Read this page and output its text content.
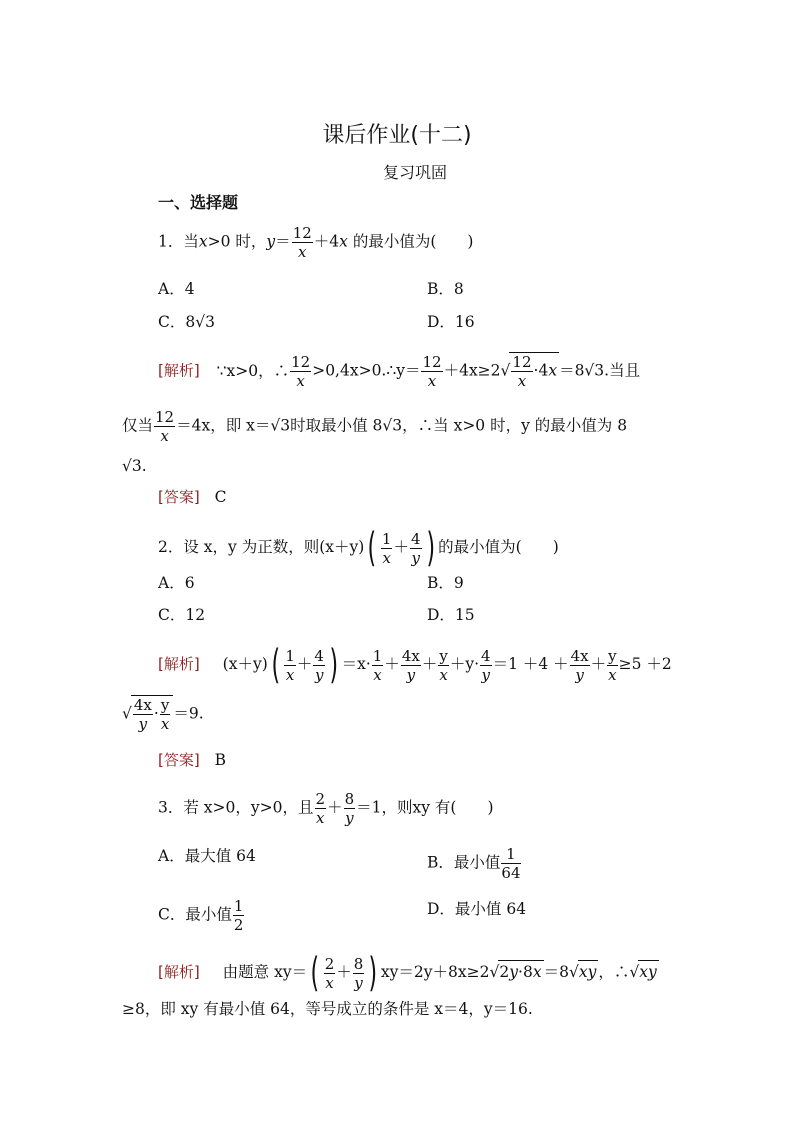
课后作业(十二)
复习巩固
一、选择题
1．当x>0 时，$y= \frac{12}{x} +4x$ 的最小值为(　　)
A．4	B．8
C．8√3	D．16
[解析] ∵x>0，∴ $\frac{12}{x}$ >0,4x>0.∴y＝ $\frac{12}{x} +4x\ge 2√ \frac{12}{x} \cdot 4x =8√3$.当且
仅当 $\frac{12}{x} =4x$，即 x＝√3时取最小值 8√3，∴当 x>0 时，y 的最小值为 8
√3.
[答案] C
2．设 x，y 为正数，则$(x+y)( \frac{1}{x} + \frac{4}{y}$ ) 的最小值为(　　)
A．6	B．9
C．12	D．15
[解析] $(x+y)( \frac{1}{x} + \frac{4}{y}$ ) $=x\cdot \frac{1}{x} + \frac{4x}{y} + \frac{y}{x} +y\cdot \frac{4}{y} =1 +4 + \frac{4x}{y} + \frac{y}{x} \ge 5 +2$
√ $\frac{4x}{y} \cdot \frac{y}{x} =9$.
[答案] B
3．若 x>0，y>0，且 $\frac{2}{x} + \frac{8}{y} =1$，则xy 有(　　)
A．最大值 64	B．最小值 $\frac{1}{64}$
C．最小值 $\frac{1}{2}$	D．最小值 64
[解析] 由题意 $xy=( \frac{2}{x} + \frac{8}{y}$ ) xy＝2y＋8x≥2√2y·8x ＝8√xy ，∴√xy
≥8，即 xy 有最小值 64，等号成立的条件是 x＝4，y＝16.
